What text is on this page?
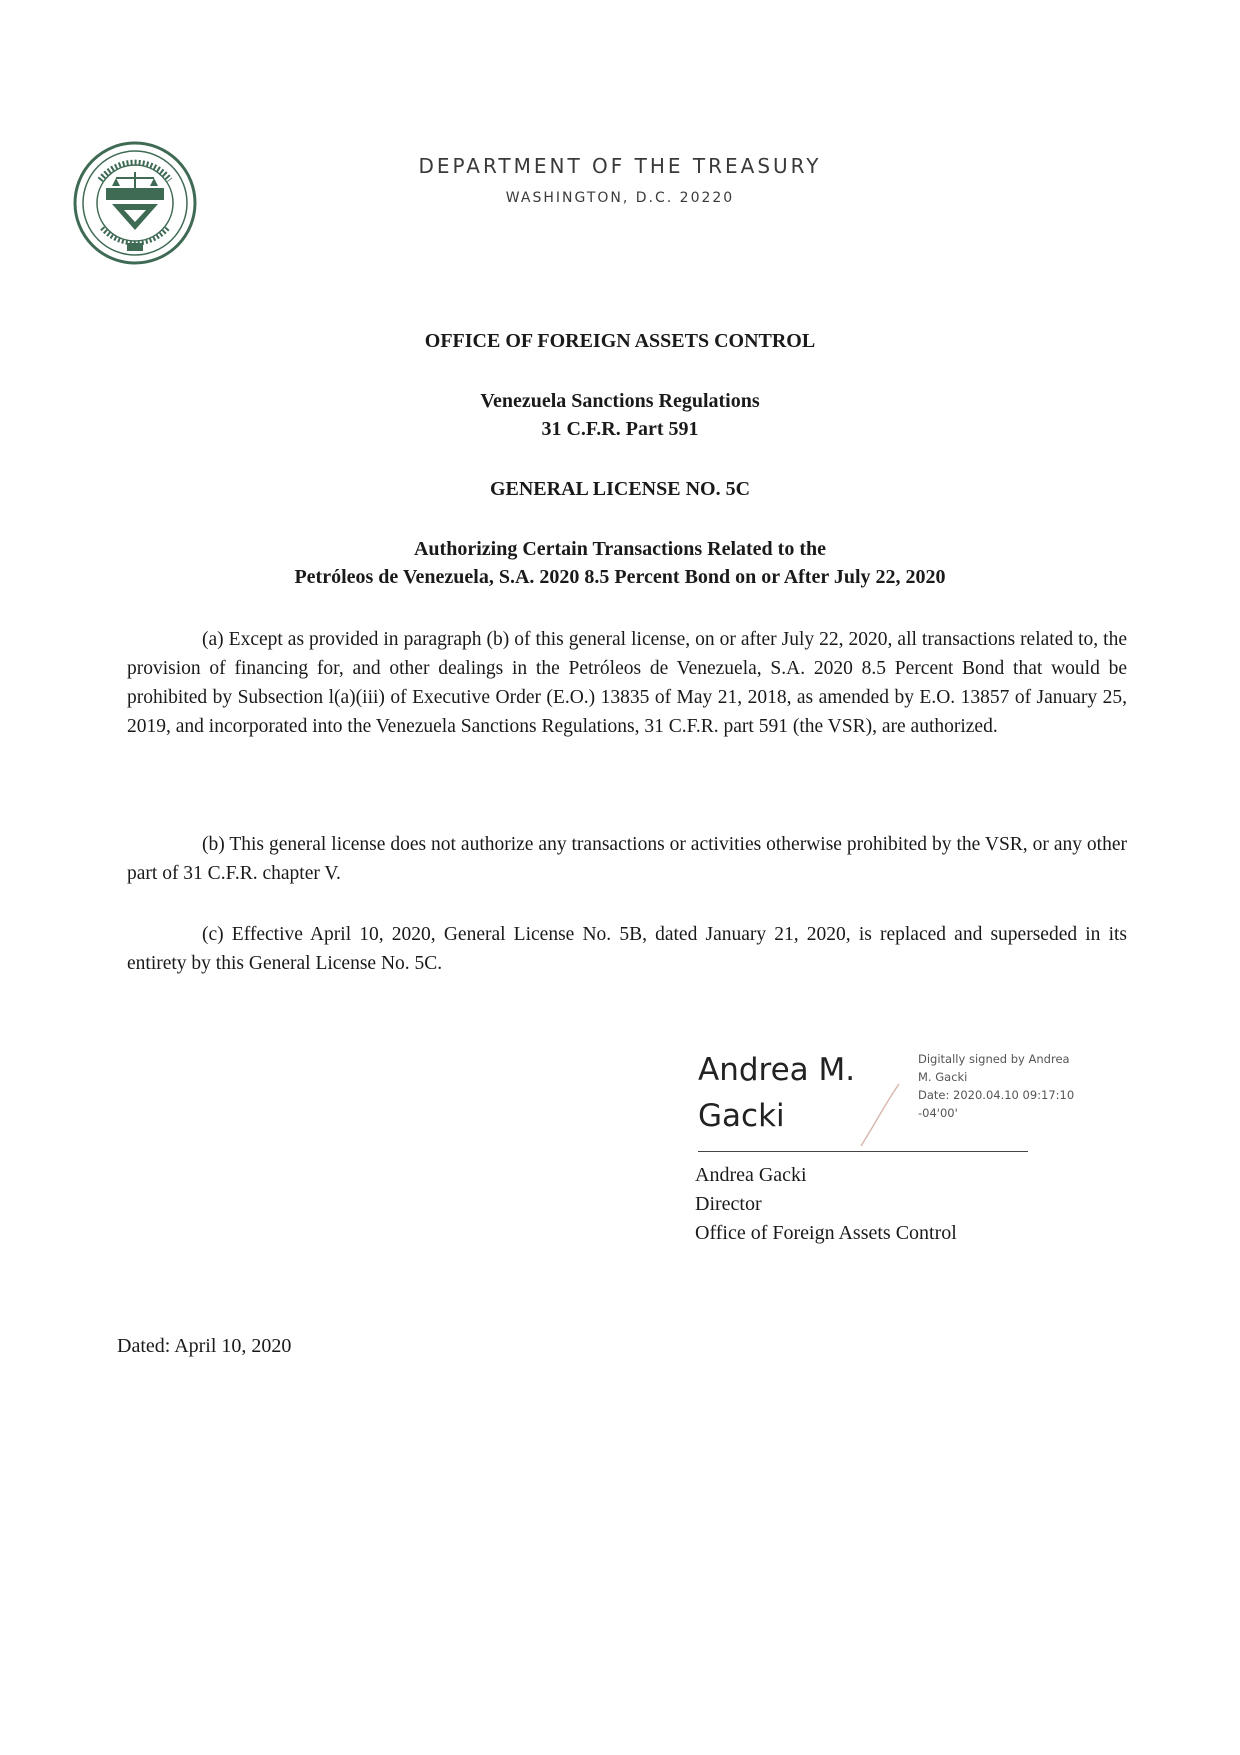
DEPARTMENT OF THE TREASURY
WASHINGTON, D.C. 20220
OFFICE OF FOREIGN ASSETS CONTROL
Venezuela Sanctions Regulations
31 C.F.R. Part 591
GENERAL LICENSE NO. 5C
Authorizing Certain Transactions Related to the
Petróleos de Venezuela, S.A. 2020 8.5 Percent Bond on or After July 22, 2020
(a) Except as provided in paragraph (b) of this general license, on or after July 22, 2020, all transactions related to, the provision of financing for, and other dealings in the Petróleos de Venezuela, S.A. 2020 8.5 Percent Bond that would be prohibited by Subsection l(a)(iii) of Executive Order (E.O.) 13835 of May 21, 2018, as amended by E.O. 13857 of January 25, 2019, and incorporated into the Venezuela Sanctions Regulations, 31 C.F.R. part 591 (the VSR), are authorized.
(b) This general license does not authorize any transactions or activities otherwise prohibited by the VSR, or any other part of 31 C.F.R. chapter V.
(c) Effective April 10, 2020, General License No. 5B, dated January 21, 2020, is replaced and superseded in its entirety by this General License No. 5C.
Andrea M.
Gacki
Digitally signed by Andrea
M. Gacki
Date: 2020.04.10 09:17:10
-04'00'
Andrea Gacki
Director
Office of Foreign Assets Control
Dated: April 10, 2020
